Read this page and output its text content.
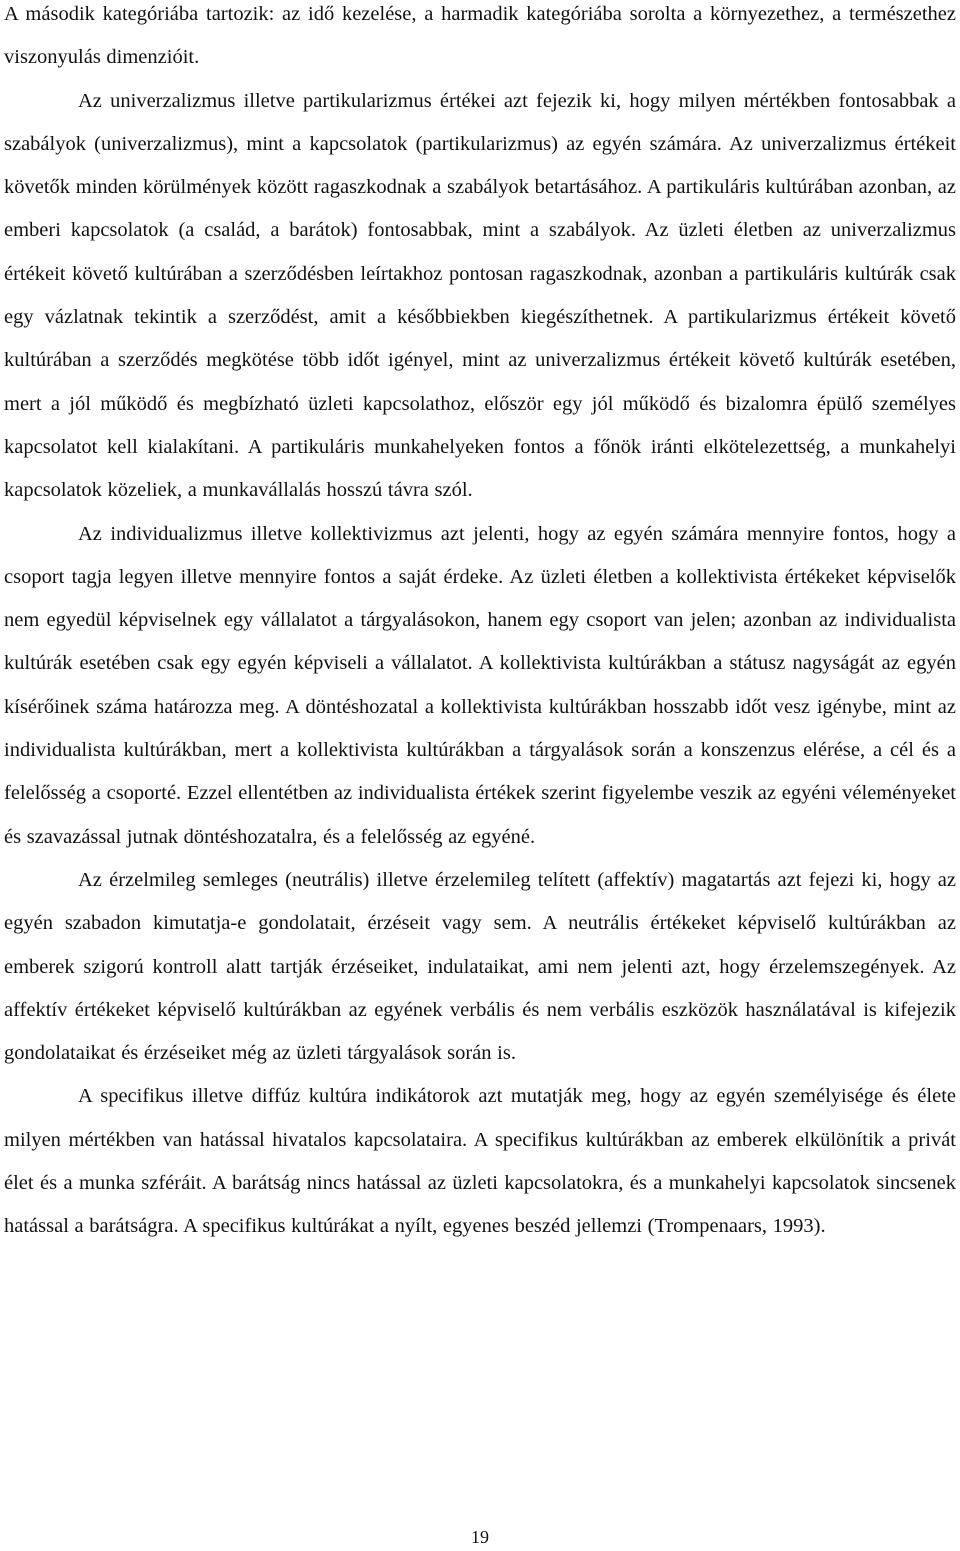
A második kategóriába tartozik: az idő kezelése, a harmadik kategóriába sorolta a környezethez, a természethez viszonyulás dimenzióit.

Az univerzalizmus illetve partikularizmus értékei azt fejezik ki, hogy milyen mértékben fontosabbak a szabályok (univerzalizmus), mint a kapcsolatok (partikularizmus) az egyén számára. Az univerzalizmus értékeit követők minden körülmények között ragaszkodnak a szabályok betartásához. A partikuláris kultúrában azonban, az emberi kapcsolatok (a család, a barátok) fontosabbak, mint a szabályok. Az üzleti életben az univerzalizmus értékeit követő kultúrában a szerződésben leírtakhoz pontosan ragaszkodnak, azonban a partikuláris kultúrák csak egy vázlatnak tekintik a szerződést, amit a későbbiekben kiegészíthetnek. A partikularizmus értékeit követő kultúrában a szerződés megkötése több időt igényel, mint az univerzalizmus értékeit követő kultúrák esetében, mert a jól működő és megbízható üzleti kapcsolathoz, először egy jól működő és bizalomra épülő személyes kapcsolatot kell kialakítani. A partikuláris munkahelyeken fontos a főnök iránti elkötelezettség, a munkahelyi kapcsolatok közeliek, a munkavállalás hosszú távra szól.

Az individualizmus illetve kollektivizmus azt jelenti, hogy az egyén számára mennyire fontos, hogy a csoport tagja legyen illetve mennyire fontos a saját érdeke. Az üzleti életben a kollektivista értékeket képviselők nem egyedül képviselnek egy vállalatot a tárgyalásokon, hanem egy csoport van jelen; azonban az individualista kultúrák esetében csak egy egyén képviseli a vállalatot. A kollektivista kultúrákban a státusz nagyságát az egyén kísérőinek száma határozza meg. A döntéshozatal a kollektivista kultúrákban hosszabb időt vesz igénybe, mint az individualista kultúrákban, mert a kollektivista kultúrákban a tárgyalások során a konszenzus elérése, a cél és a felelősség a csoporté. Ezzel ellentétben az individualista értékek szerint figyelembe veszik az egyéni véleményeket és szavazással jutnak döntéshozatalra, és a felelősség az egyéné.

Az érzelmileg semleges (neutrális) illetve érzelemileg telített (affektív) magatartás azt fejezi ki, hogy az egyén szabadon kimutatja-e gondolatait, érzéseit vagy sem. A neutrális értékeket képviselő kultúrákban az emberek szigorú kontroll alatt tartják érzéseiket, indulataikat, ami nem jelenti azt, hogy érzelemszegények. Az affektív értékeket képviselő kultúrákban az egyének verbális és nem verbális eszközök használatával is kifejezik gondolataikat és érzéseiket még az üzleti tárgyalások során is.

A specifikus illetve diffúz kultúra indikátorok azt mutatják meg, hogy az egyén személyisége és élete milyen mértékben van hatással hivatalos kapcsolataira. A specifikus kultúrákban az emberek elkülönítik a privát élet és a munka szféráit. A barátság nincs hatással az üzleti kapcsolatokra, és a munkahelyi kapcsolatok sincsenek hatással a barátságra. A specifikus kultúrákat a nyílt, egyenes beszéd jellemzi (Trompenaars, 1993).

19
